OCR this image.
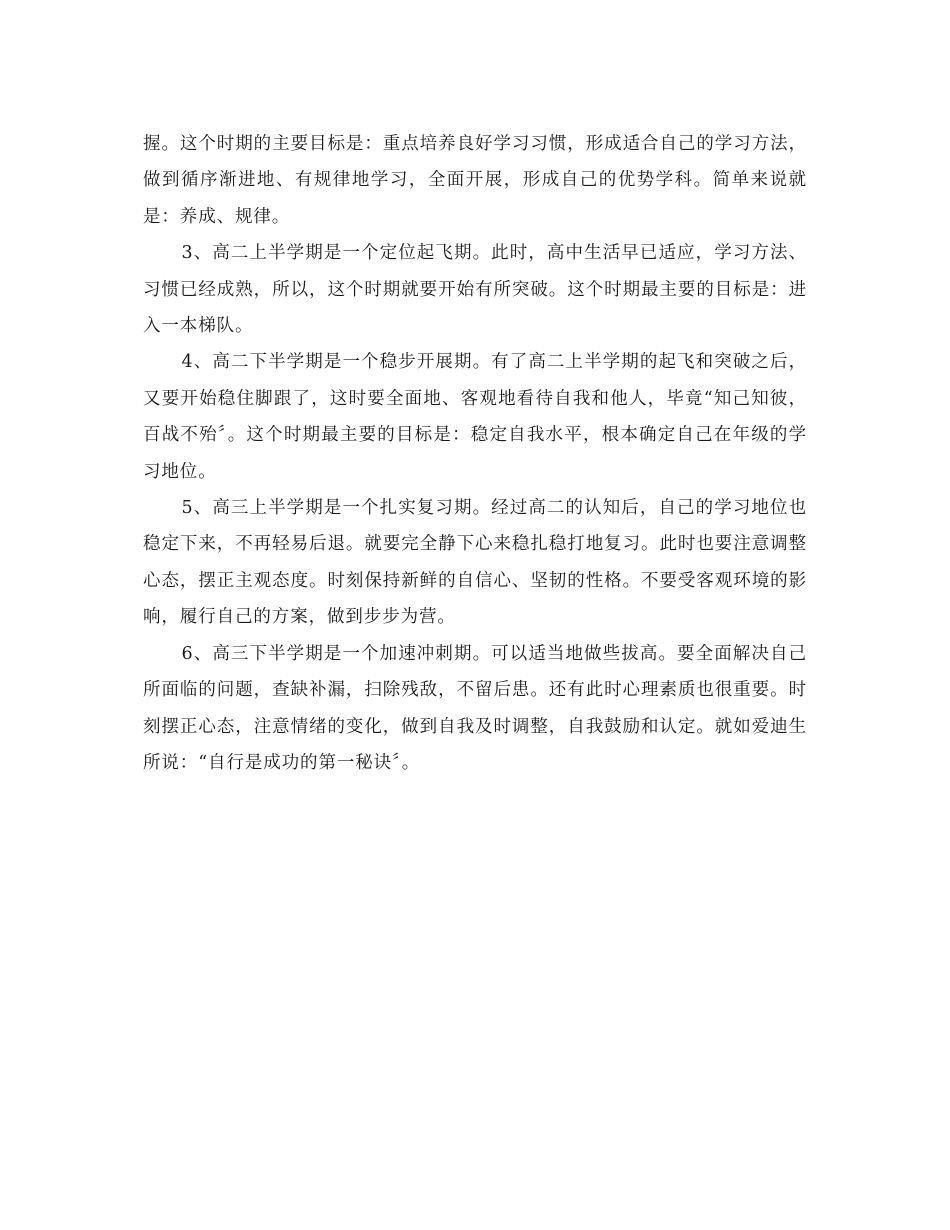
握。这个时期的主要目标是：重点培养良好学习习惯，形成适合自己的学习方法，做到循序渐进地、有规律地学习，全面开展，形成自己的优势学科。简单来说就是：养成、规律。

3、高二上半学期是一个定位起飞期。此时，高中生活早已适应，学习方法、习惯已经成熟，所以，这个时期就要开始有所突破。这个时期最主要的目标是：进入一本梯队。

4、高二下半学期是一个稳步开展期。有了高二上半学期的起飞和突破之后，又要开始稳住脚跟了，这时要全面地、客观地看待自我和他人，毕竟“知己知彼，百战不殆〞。这个时期最主要的目标是：稳定自我水平，根本确定自己在年级的学习地位。

5、高三上半学期是一个扎实复习期。经过高二的认知后，自己的学习地位也稳定下来，不再轻易后退。就要完全静下心来稳扎稳打地复习。此时也要注意调整心态，摆正主观态度。时刻保持新鲜的自信心、坚韧的性格。不要受客观环境的影响，履行自己的方案，做到步步为营。

6、高三下半学期是一个加速冲刺期。可以适当地做些拔高。要全面解决自己所面临的问题，查缺补漏，扫除残敌，不留后患。还有此时心理素质也很重要。时刻摆正心态，注意情绪的变化，做到自我及时调整，自我鼓励和认定。就如爱迪生所说：“自行是成功的第一秘诀〞。
